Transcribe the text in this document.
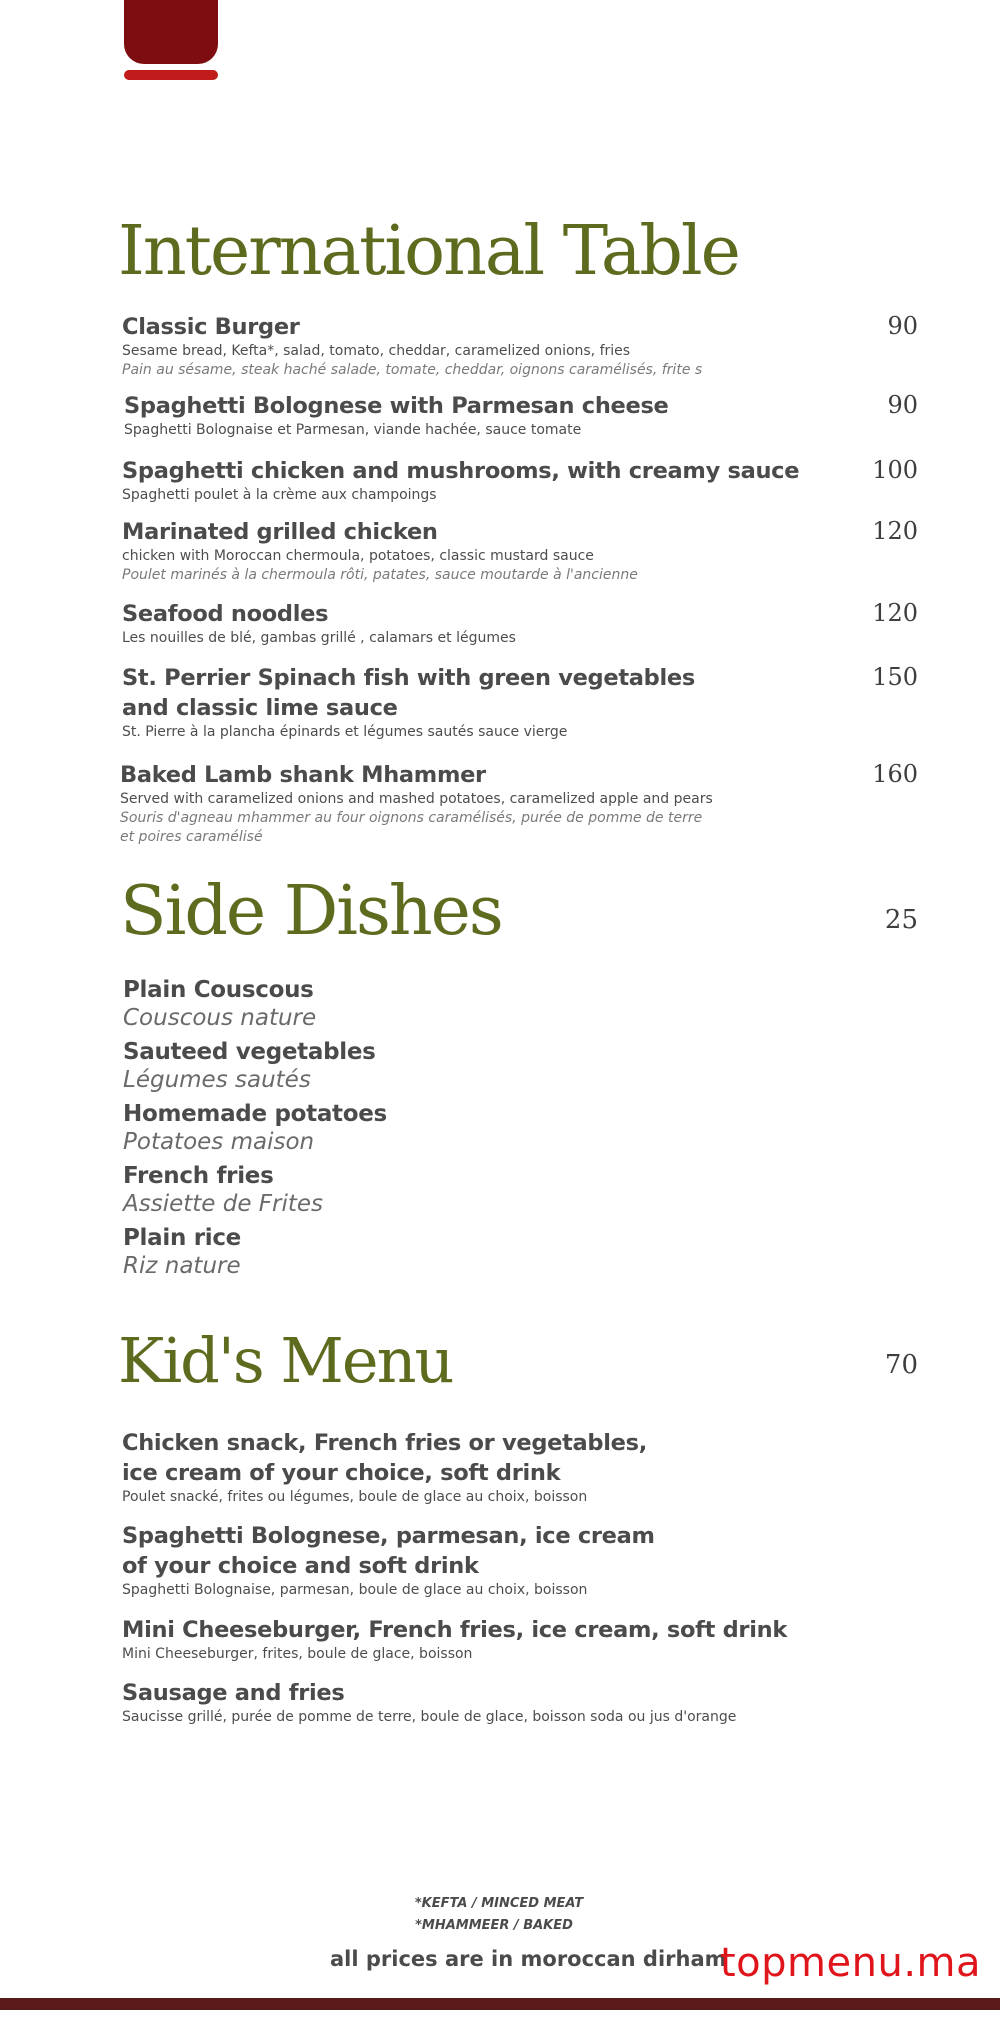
International Table
Classic Burger
Sesame bread, Kefta*, salad, tomato, cheddar, caramelized onions, fries
Pain au sésame, steak haché salade, tomate, cheddar, oignons caramélisés, frite s
90
Spaghetti Bolognese with Parmesan cheese
Spaghetti Bolognaise et Parmesan, viande hachée, sauce tomate
90
Spaghetti chicken and mushrooms, with creamy sauce
Spaghetti poulet à la crème aux champoings
100
Marinated grilled chicken
chicken with Moroccan chermoula, potatoes, classic mustard sauce
Poulet marinés à la chermoula rôti, patates, sauce moutarde à l'ancienne
120
Seafood noodles
Les nouilles de blé, gambas grillé , calamars et légumes
120
St. Perrier Spinach fish with green vegetables
and classic lime sauce
St. Pierre à la plancha épinards et légumes sautés sauce vierge
150
Baked Lamb shank Mhammer
Served with caramelized onions and mashed potatoes, caramelized apple and pears
Souris d'agneau mhammer au four oignons caramélisés, purée de pomme de terre
et poires caramélisé
160
Side Dishes	25
Plain Couscous
Couscous nature
Sauteed vegetables
Légumes sautés
Homemade potatoes
Potatoes maison
French fries
Assiette de Frites
Plain rice
Riz nature
Kid's Menu	70
Chicken snack, French fries or vegetables,
ice cream of your choice, soft drink
Poulet snacké, frites ou légumes, boule de glace au choix, boisson
Spaghetti Bolognese, parmesan, ice cream
of your choice and soft drink
Spaghetti Bolognaise, parmesan, boule de glace au choix, boisson
Mini Cheeseburger, French fries, ice cream, soft drink
Mini Cheeseburger, frites, boule de glace, boisson
Sausage and fries
Saucisse grillé, purée de pomme de terre, boule de glace, boisson soda ou jus d'orange
*KEFTA / MINCED MEAT
*MHAMMEER / BAKED
all prices are in moroccan dirham
topmenu.ma
